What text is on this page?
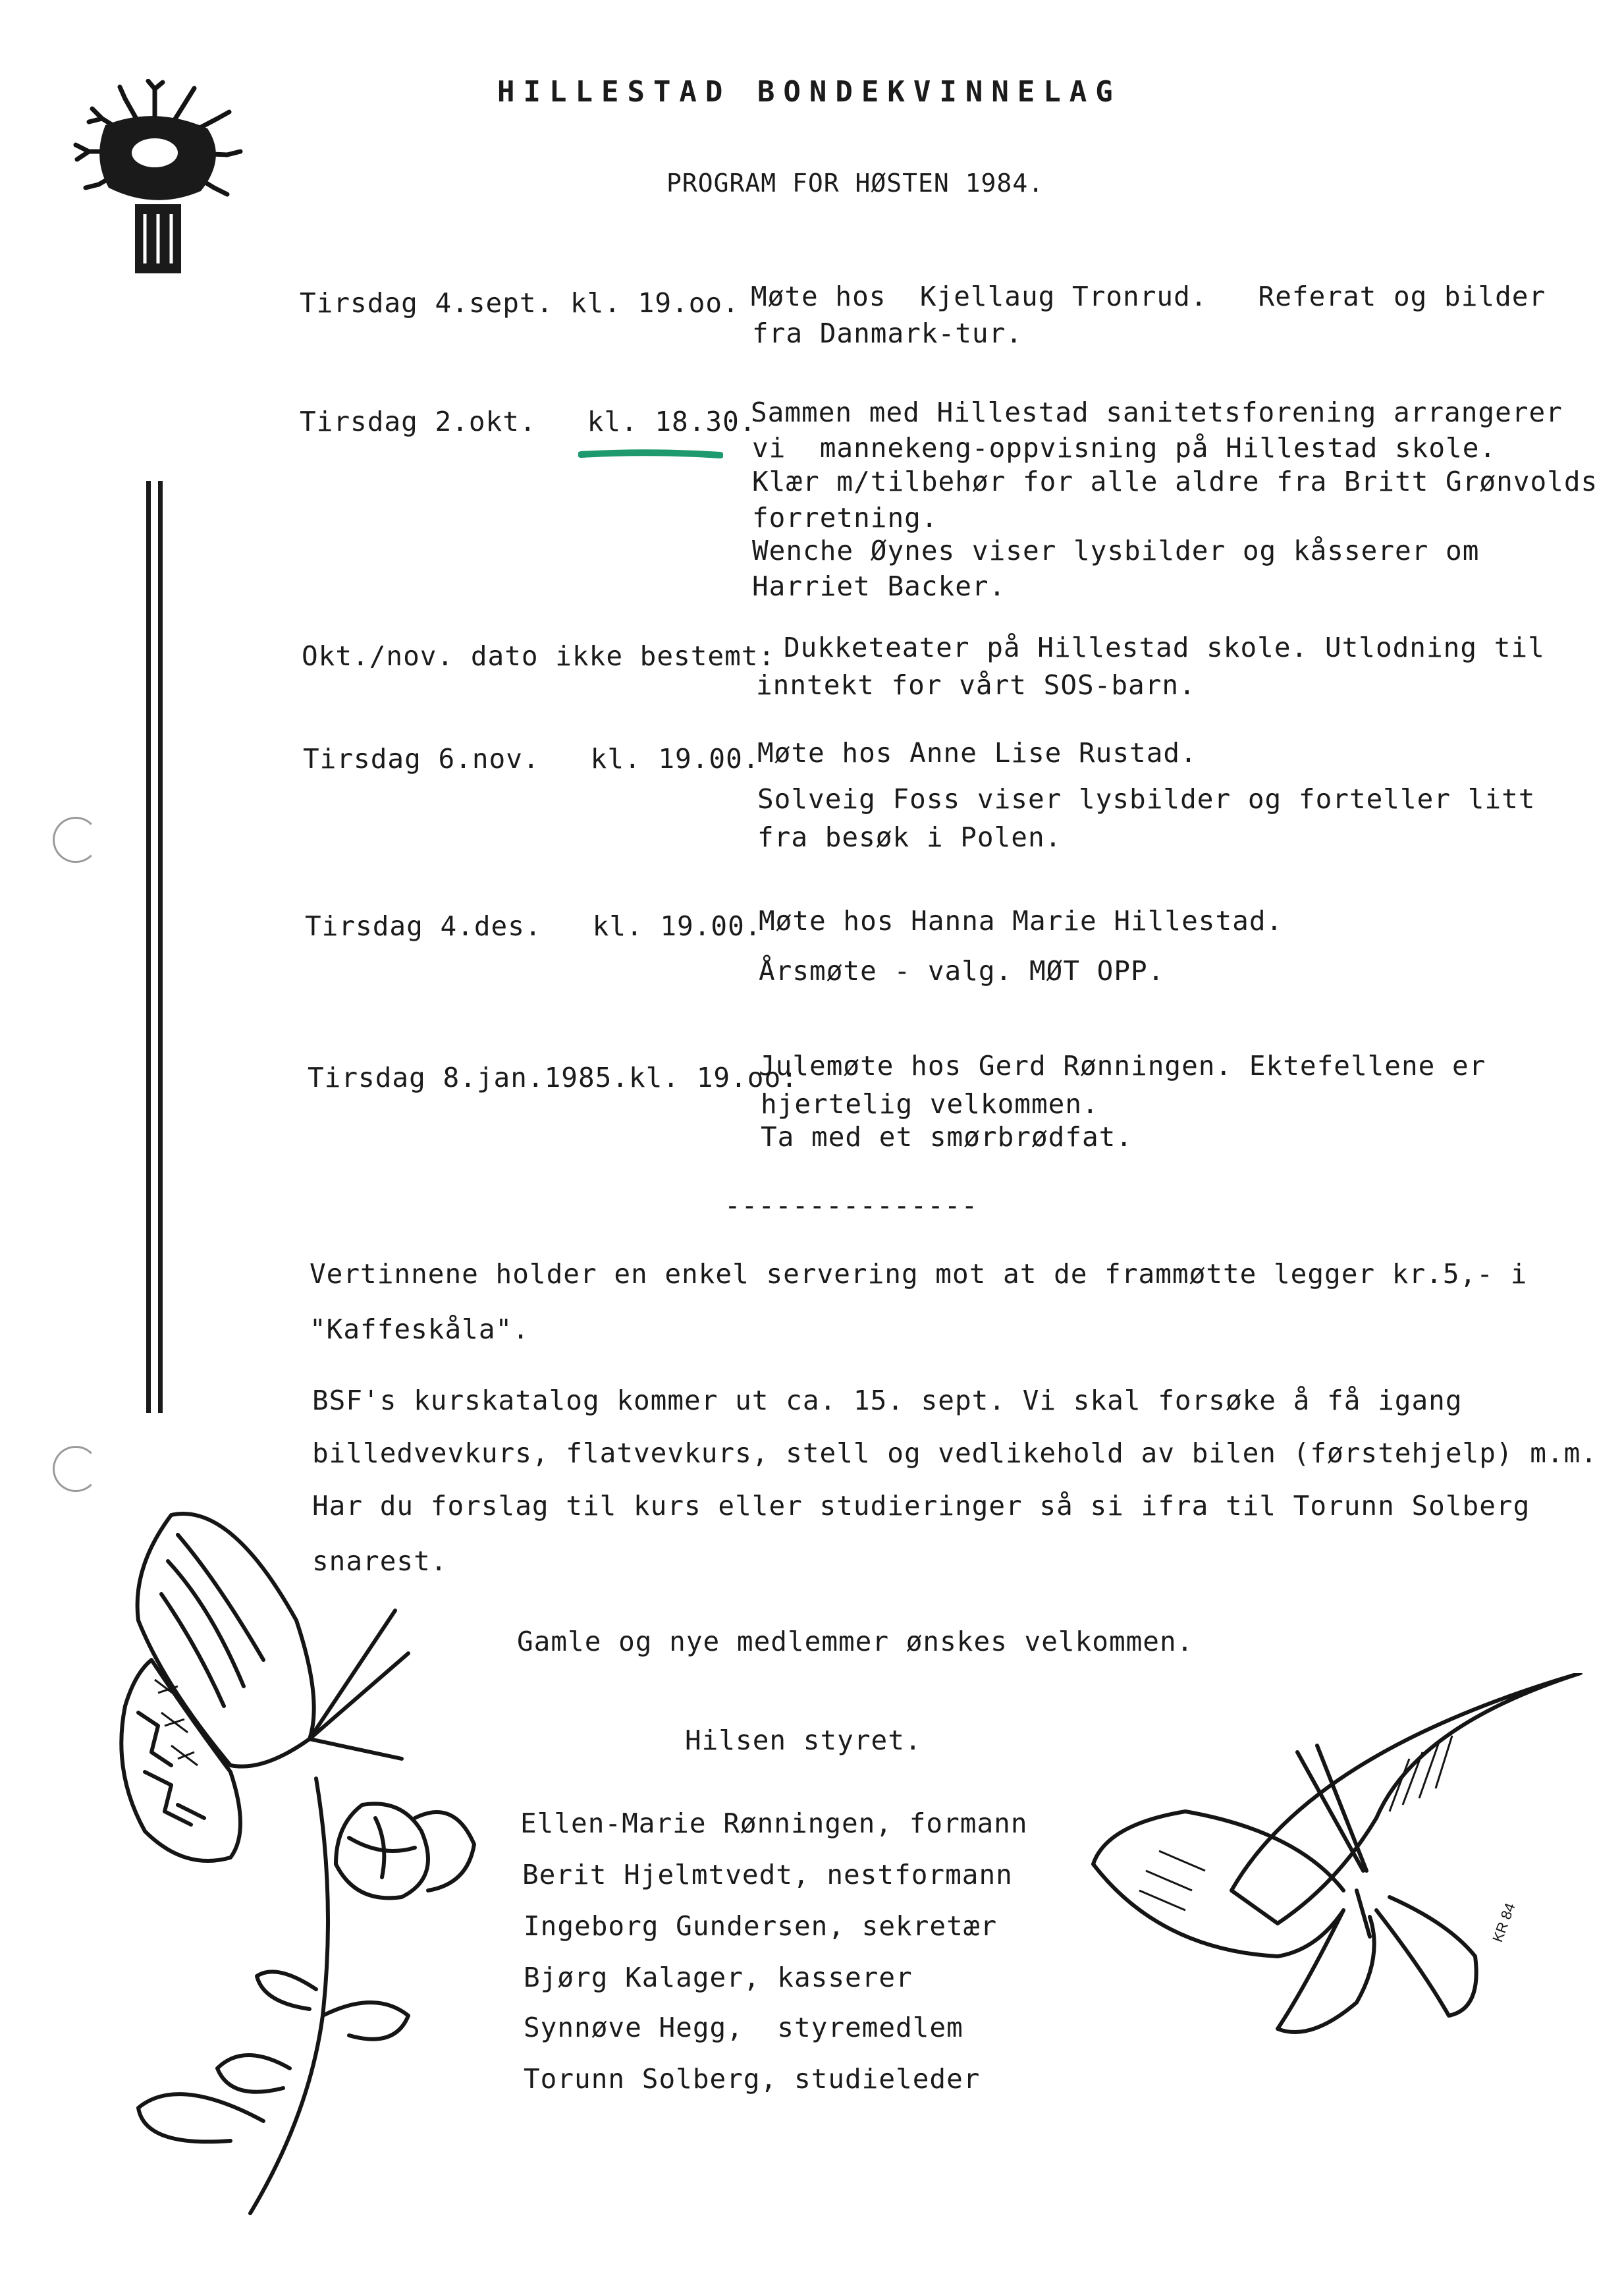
HILLESTAD BONDEKVINNELAG
PROGRAM FOR HØSTEN 1984.
Tirsdag 4.sept. kl. 19.oo. Møte hos  Kjellaug Tronrud.   Referat og bilder
fra Danmark-tur.
Tirsdag 2.okt.   kl. 18.30.
Sammen med Hillestad sanitetsforening arrangerer
vi  mannekeng-oppvisning på Hillestad skole.
Klær m/tilbehør for alle aldre fra Britt Grønvolds
forretning.
Wenche Øynes viser lysbilder og kåsserer om
Harriet Backer.
Okt./nov. dato ikke bestemt: Dukketeater på Hillestad skole. Utlodning til
inntekt for vårt SOS-barn.
Tirsdag 6.nov.   kl. 19.00.
Møte hos Anne Lise Rustad.
Solveig Foss viser lysbilder og forteller litt
fra besøk i Polen.
Tirsdag 4.des.   kl. 19.00.
Møte hos Hanna Marie Hillestad.
Årsmøte - valg. MØT OPP.
Tirsdag 8.jan.1985.kl. 19.oo:
Julemøte hos Gerd Rønningen. Ektefellene er
hjertelig velkommen.
Ta med et smørbrødfat.
---------------
Vertinnene holder en enkel servering mot at de frammøtte legger kr.5,- i
"Kaffeskåla".
BSF's kurskatalog kommer ut ca. 15. sept. Vi skal forsøke å få igang
billedvevkurs, flatvevkurs, stell og vedlikehold av bilen (førstehjelp) m.m.
Har du forslag til kurs eller studieringer så si ifra til Torunn Solberg
snarest.
Gamle og nye medlemmer ønskes velkommen.
Hilsen styret.
Ellen-Marie Rønningen, formann
Berit Hjelmtvedt, nestformann
Ingeborg Gundersen, sekretær
Bjørg Kalager, kasserer
Synnøve Hegg,  styremedlem
Torunn Solberg, studieleder
KR 84
